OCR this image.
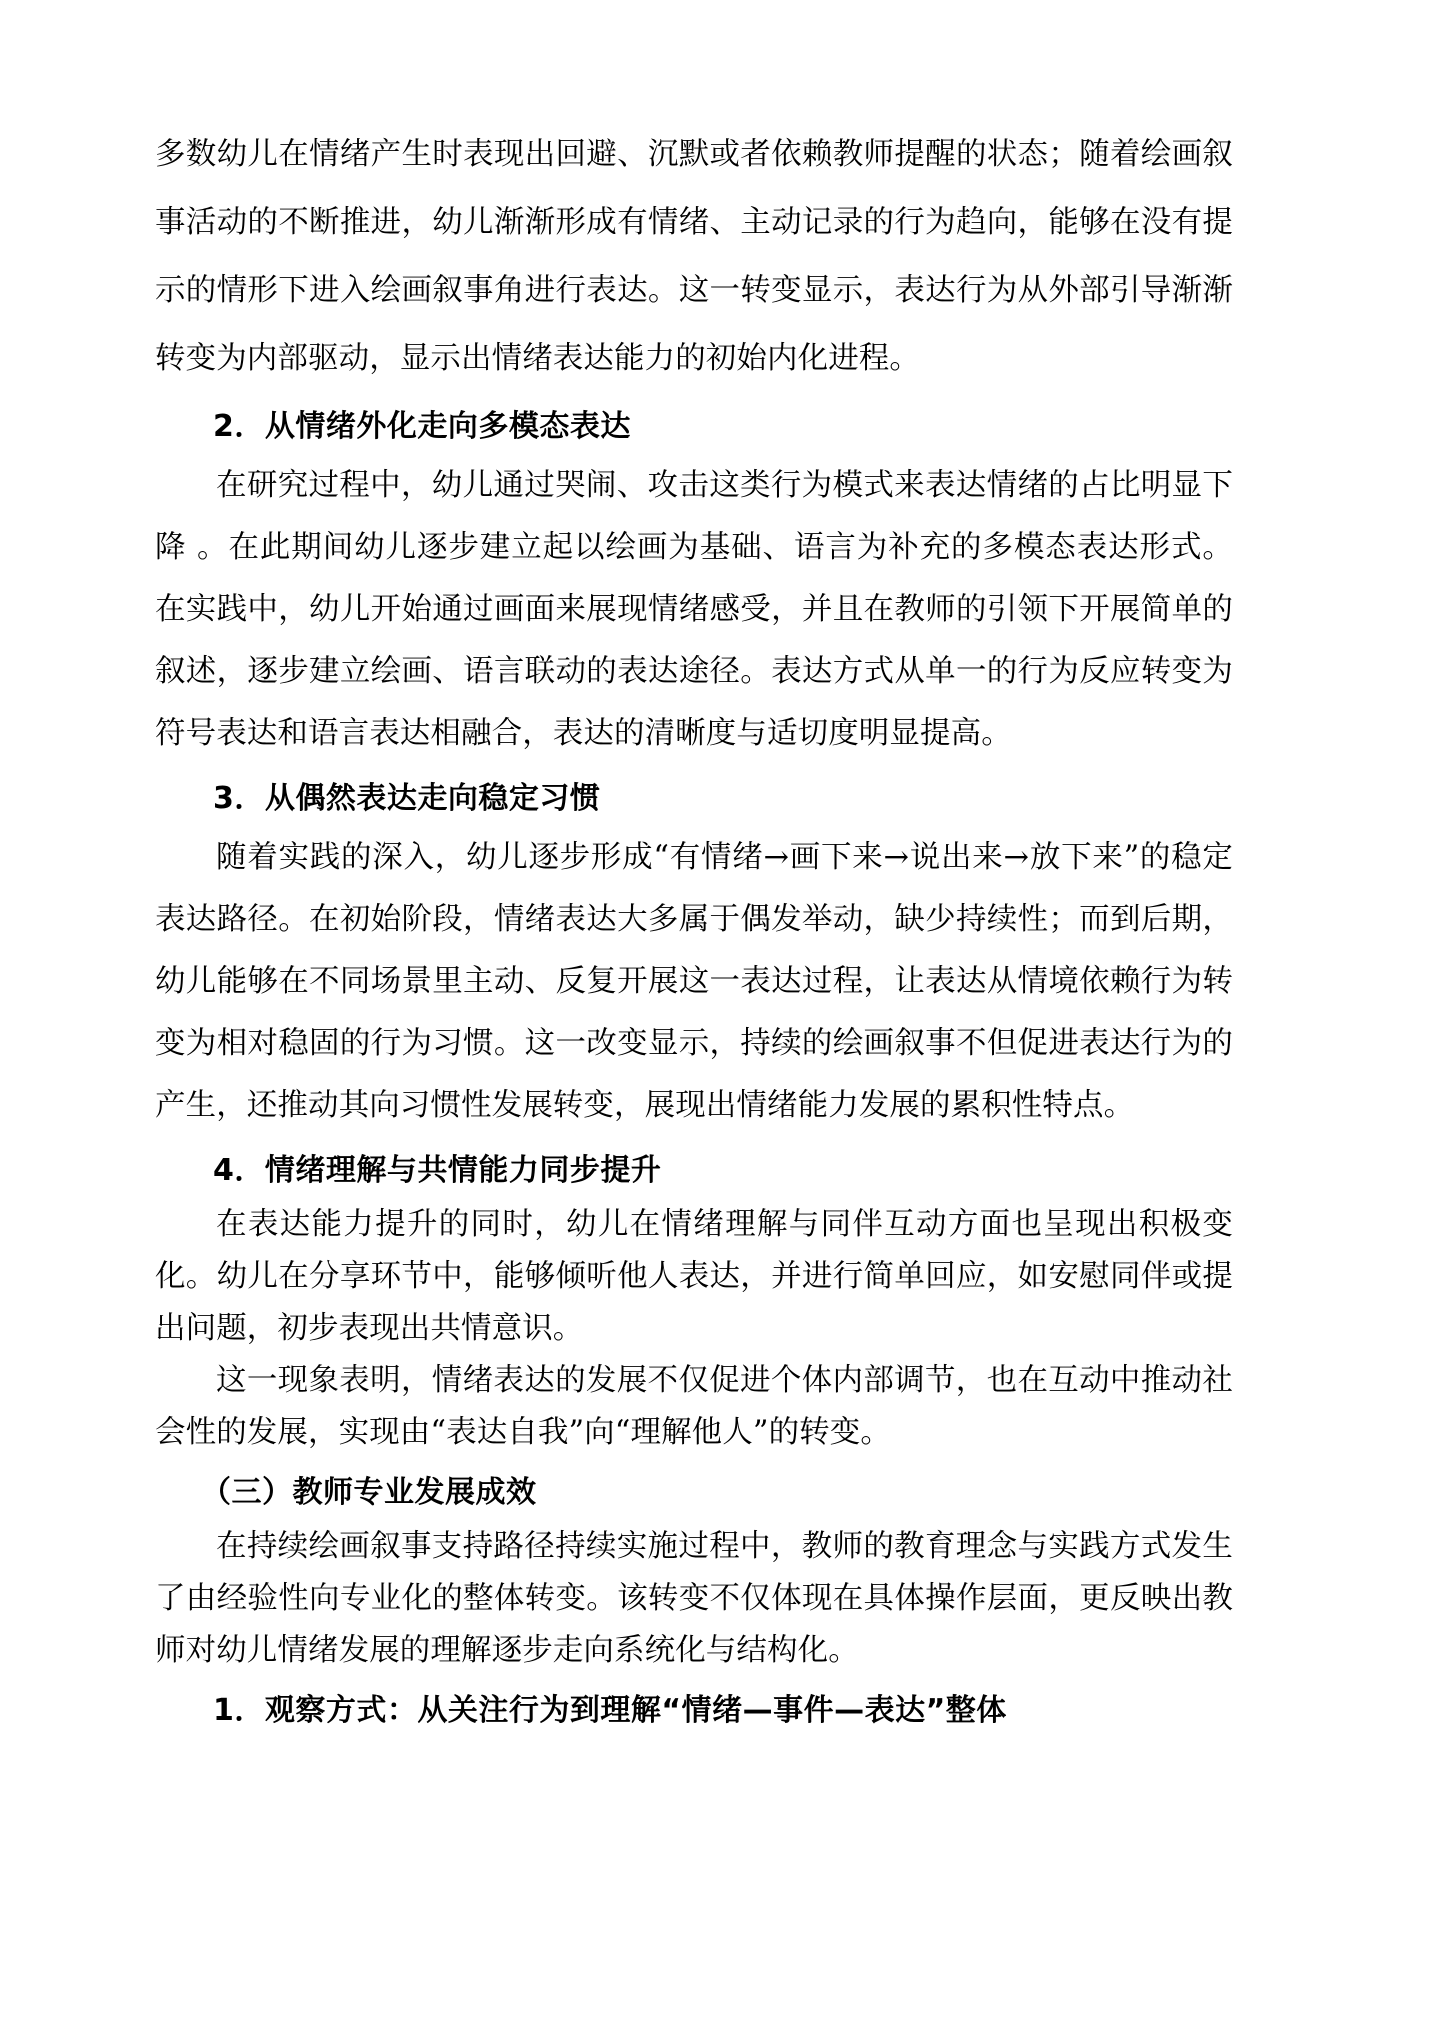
多数幼儿在情绪产生时表现出回避、沉默或者依赖教师提醒的状态；随着绘画叙事活动的不断推进，幼儿渐渐形成有情绪、主动记录的行为趋向，能够在没有提示的情形下进入绘画叙事角进行表达。这一转变显示，表达行为从外部引导渐渐转变为内部驱动，显示出情绪表达能力的初始内化进程。

2．从情绪外化走向多模态表达

在研究过程中，幼儿通过哭闹、攻击这类行为模式来表达情绪的占比明显下降 。在此期间幼儿逐步建立起以绘画为基础、语言为补充的多模态表达形式。在实践中，幼儿开始通过画面来展现情绪感受，并且在教师的引领下开展简单的叙述，逐步建立绘画、语言联动的表达途径。表达方式从单一的行为反应转变为符号表达和语言表达相融合，表达的清晰度与适切度明显提高。

3．从偶然表达走向稳定习惯

随着实践的深入，幼儿逐步形成“有情绪→画下来→说出来→放下来”的稳定表达路径。在初始阶段，情绪表达大多属于偶发举动，缺少持续性；而到后期，幼儿能够在不同场景里主动、反复开展这一表达过程，让表达从情境依赖行为转变为相对稳固的行为习惯。这一改变显示，持续的绘画叙事不但促进表达行为的产生，还推动其向习惯性发展转变，展现出情绪能力发展的累积性特点。

4．情绪理解与共情能力同步提升

在表达能力提升的同时，幼儿在情绪理解与同伴互动方面也呈现出积极变化。幼儿在分享环节中，能够倾听他人表达，并进行简单回应，如安慰同伴或提出问题，初步表现出共情意识。

这一现象表明，情绪表达的发展不仅促进个体内部调节，也在互动中推动社会性的发展，实现由“表达自我”向“理解他人”的转变。

（三）教师专业发展成效

在持续绘画叙事支持路径持续实施过程中，教师的教育理念与实践方式发生了由经验性向专业化的整体转变。该转变不仅体现在具体操作层面，更反映出教师对幼儿情绪发展的理解逐步走向系统化与结构化。

1．观察方式：从关注行为到理解“情绪—事件—表达”整体
